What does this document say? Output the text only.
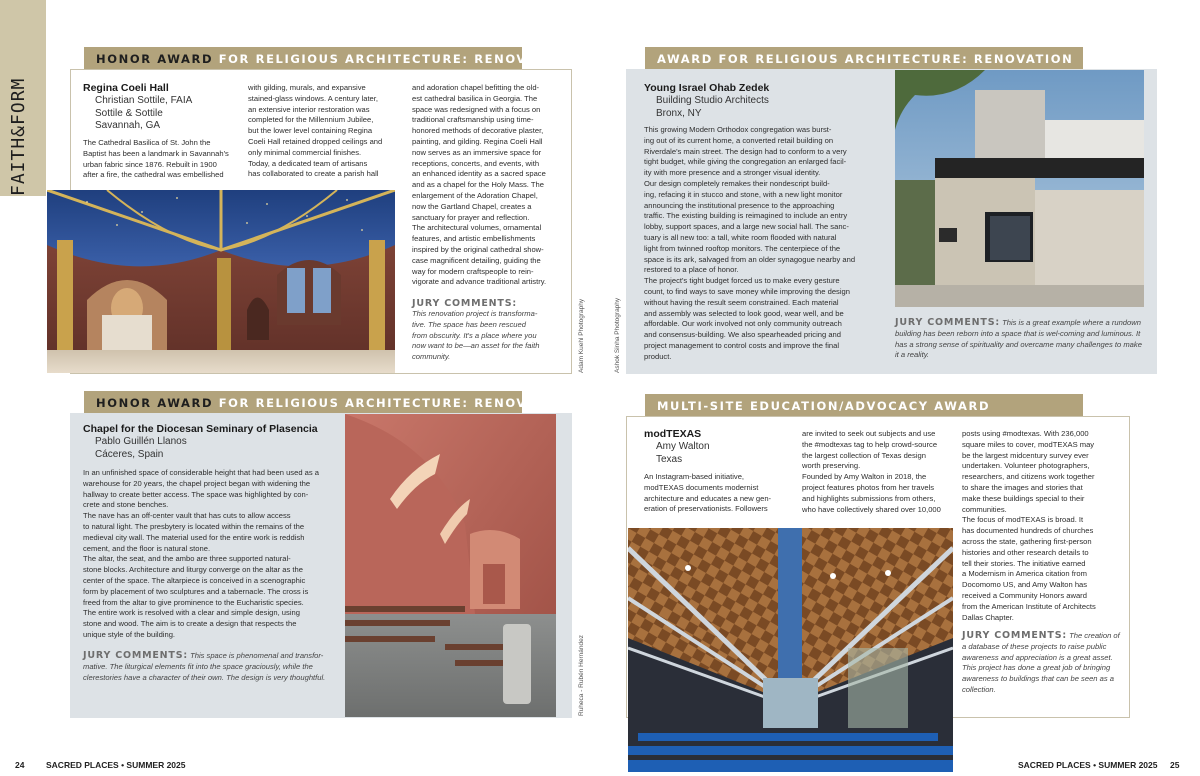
FAITH&FORM
HONOR AWARD FOR RELIGIOUS ARCHITECTURE: RENOVATION
Regina Coeli Hall
Christian Sottile, FAIA
Sottile & Sottile
Savannah, GA
The Cathedral Basilica of St. John the
Baptist has been a landmark in Savannah's
urban fabric since 1876. Rebuilt in 1900
after a fire, the cathedral was embellished
with gilding, murals, and expansive
stained-glass windows. A century later,
an extensive interior restoration was
completed for the Millennium Jubilee,
but the lower level containing Regina
Coeli Hall retained dropped ceilings and
only minimal commercial finishes.
Today, a dedicated team of artisans
has collaborated to create a parish hall
and adoration chapel befitting the old-
est cathedral basilica in Georgia. The
space was redesigned with a focus on
traditional craftsmanship using time-
honored methods of decorative plaster,
painting, and gilding. Regina Coeli Hall
now serves as an immersive space for
receptions, concerts, and events, with
an enhanced identity as a sacred space
and as a chapel for the Holy Mass. The
enlargement of the Adoration Chapel,
now the Gartland Chapel, creates a
sanctuary for prayer and reflection.
The architectural volumes, ornamental
features, and artistic embellishments
inspired by the original cathedral show-
case magnificent detailing, guiding the
way for modern craftspeople to rein-
vigorate and advance traditional artistry.
JURY COMMENTS:
This renovation project is transforma-
tive. The space has been rescued
from obscurity. It's a place where you
now want to be—an asset for the faith
community.	Adam Kuehl Photography
AWARD FOR RELIGIOUS ARCHITECTURE: RENOVATION
Young Israel Ohab Zedek
Building Studio Architects
Bronx, NY
This growing Modern Orthodox congregation was burst-
ing out of its current home, a converted retail building on
Riverdale's main street. The design had to conform to a very
tight budget, while giving the congregation an enlarged facil-
ity with more presence and a stronger visual identity.
Our design completely remakes their nondescript build-
ing, refacing it in stucco and stone, with a new light monitor
announcing the institutional presence to the approaching
traffic. The existing building is reimagined to include an entry
lobby, support spaces, and a large new social hall. The sanc-
tuary is all new too: a tall, white room flooded with natural
light from twinned rooftop monitors. The centerpiece of the
space is its ark, salvaged from an older synagogue nearby and
restored to a place of honor.
The project's tight budget forced us to make every gesture
count, to find ways to save money while improving the design
without having the result seem constrained. Each material
and assembly was selected to look good, wear well, and be
affordable. Our work involved not only community outreach
and consensus-building. We also spearheaded pricing and
project management to control costs and improve the final
product.
JURY COMMENTS: This is a great example where a rundown building has been reborn into a space that is wel-coming and luminous. It has a strong sense of spirituality and overcame many challenges to make it a reality.
Ashok Sinha Photography
HONOR AWARD FOR RELIGIOUS ARCHITECTURE: RENOVATION
Chapel for the Diocesan Seminary of Plasencia
Pablo Guillén Llanos
Cáceres, Spain
In an unfinished space of considerable height that had been used as a
warehouse for 20 years, the chapel project began with widening the
hallway to create better access. The space was highlighted by con-
crete and stone benches.
The nave has an off-center vault that has cuts to allow access
to natural light. The presbytery is located within the remains of the
medieval city wall. The material used for the entire work is reddish
cement, and the floor is natural stone.
The altar, the seat, and the ambo are three supported natural-
stone blocks. Architecture and liturgy converge on the altar as the
center of the space. The altarpiece is conceived in a scenographic
form by placement of two sculptures and a tabernacle. The cross is
freed from the altar to give prominence to the Eucharistic species.
The entire work is resolved with a clear and simple design, using
stone and wood. The aim is to create a design that respects the
unique style of the building.
JURY COMMENTS: This space is phenomenal and transfor-mative. The liturgical elements fit into the space graciously, while the clerestories have a character of their own. The design is very thoughtful.	Ruheca - Rubén Hernández
MULTI-SITE EDUCATION/ADVOCACY AWARD
modTEXAS
Amy Walton
Texas
An Instagram-based initiative,
modTEXAS documents modernist
architecture and educates a new gen-
eration of preservationists. Followers
are invited to seek out subjects and use
the #modtexas tag to help crowd-source
the largest collection of Texas design
worth preserving.
Founded by Amy Walton in 2018, the
project features photos from her travels
and highlights submissions from others,
who have collectively shared over 10,000
posts using #modtexas. With 236,000
square miles to cover, modTEXAS may
be the largest midcentury survey ever
undertaken. Volunteer photographers,
researchers, and citizens work together
to share the images and stories that
make these buildings special to their
communities.
The focus of modTEXAS is broad. It
has documented hundreds of churches
across the state, gathering first-person
histories and other research details to
tell their stories. The initiative earned
a Modernism in America citation from
Docomomo US, and Amy Walton has
received a Community Honors award
from the American Institute of Architects
Dallas Chapter.
JURY COMMENTS: The creation of a database of these projects to raise public awareness and appreciation is a great asset. This project has done a great job of bringing awareness to buildings that can be seen as a collection.
24	SACRED PLACES • SUMMER 2025	SACRED PLACES • SUMMER 2025 25
